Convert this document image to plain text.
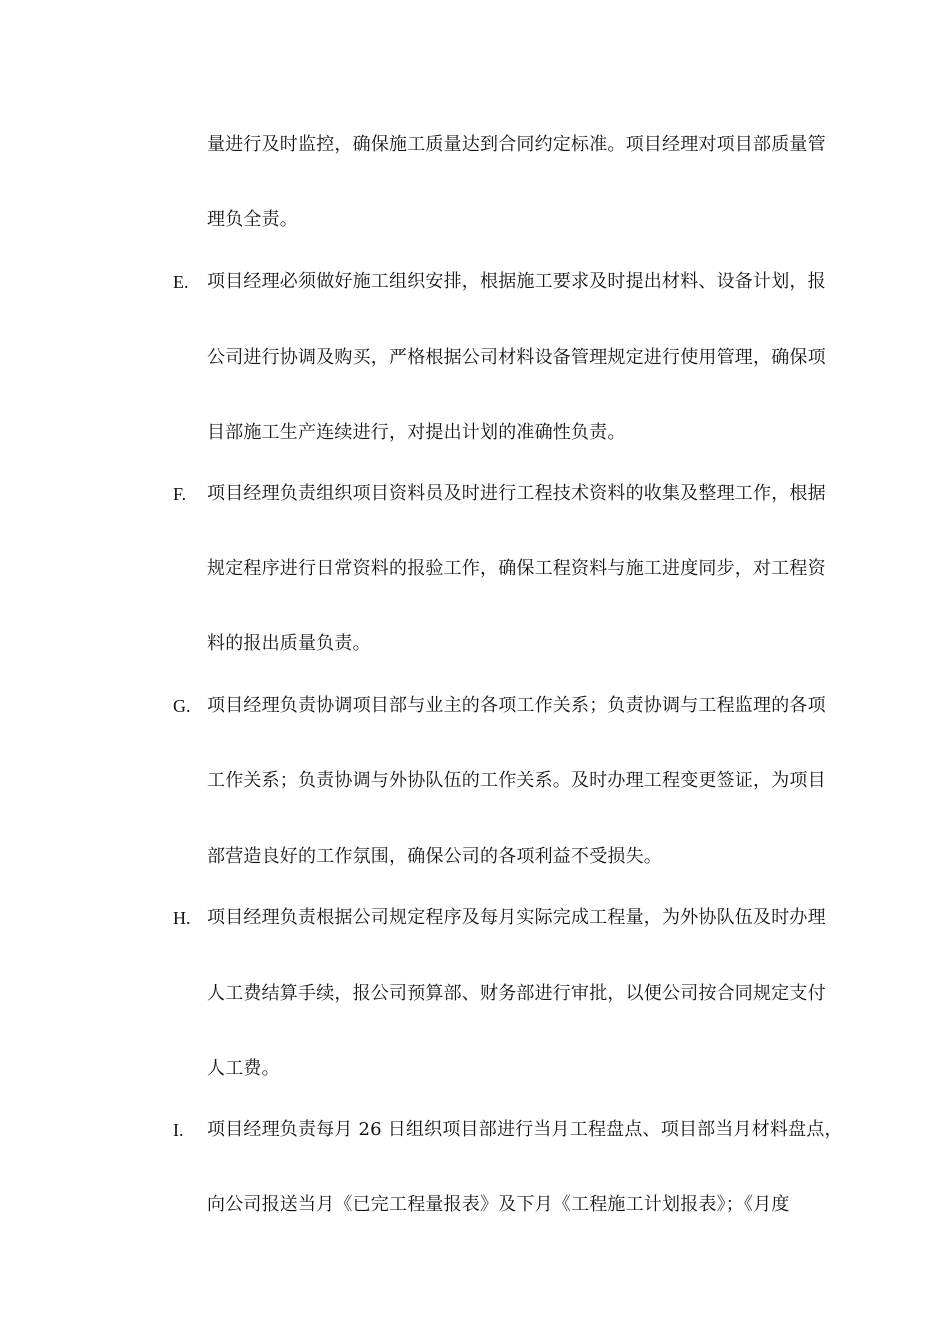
量进行及时监控，确保施工质量达到合同约定标准。项目经理对项目部质量管
理负全责。
E. 项目经理必须做好施工组织安排，根据施工要求及时提出材料、设备计划，报
公司进行协调及购买，严格根据公司材料设备管理规定进行使用管理，确保项
目部施工生产连续进行，对提出计划的准确性负责。
F. 项目经理负责组织项目资料员及时进行工程技术资料的收集及整理工作，根据
规定程序进行日常资料的报验工作，确保工程资料与施工进度同步，对工程资
料的报出质量负责。
G. 项目经理负责协调项目部与业主的各项工作关系；负责协调与工程监理的各项
工作关系；负责协调与外协队伍的工作关系。及时办理工程变更签证，为项目
部营造良好的工作氛围，确保公司的各项利益不受损失。
H. 项目经理负责根据公司规定程序及每月实际完成工程量，为外协队伍及时办理
人工费结算手续，报公司预算部、财务部进行审批，以便公司按合同规定支付
人工费。
I. 项目经理负责每月 26 日组织项目部进行当月工程盘点、项目部当月材料盘点，
向公司报送当月《已完工程量报表》及下月《工程施工计划报表》；《月度
